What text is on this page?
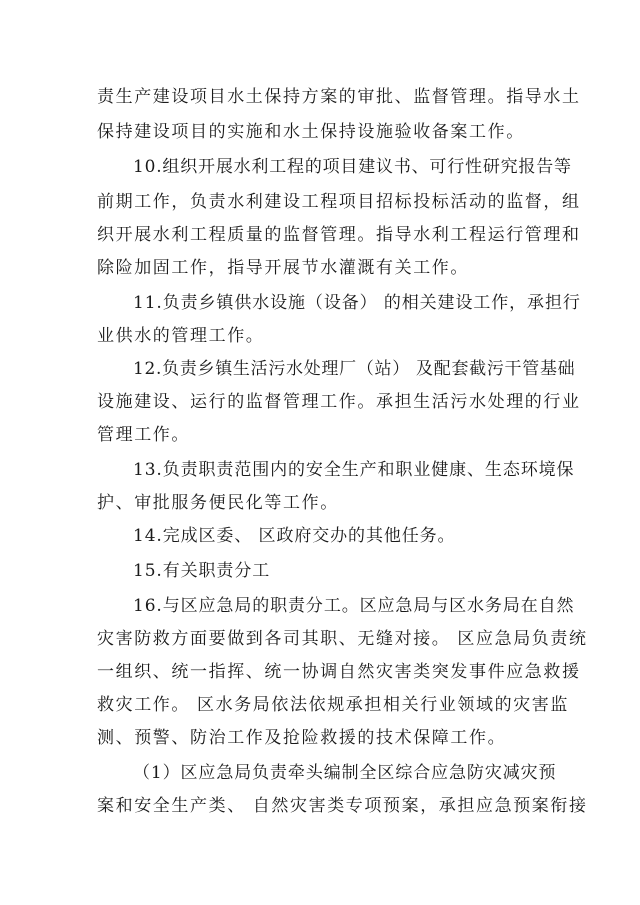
责生产建设项目水土保持方案的审批、监督管理。指导水土
保持建设项目的实施和水土保持设施验收备案工作。
10.组织开展水利工程的项目建议书、可行性研究报告等
前期工作，负责水利建设工程项目招标投标活动的监督，组
织开展水利工程质量的监督管理。指导水利工程运行管理和
除险加固工作，指导开展节水灌溉有关工作。
11.负责乡镇供水设施（设备） 的相关建设工作，承担行
业供水的管理工作。
12.负责乡镇生活污水处理厂（站） 及配套截污干管基础
设施建设、运行的监督管理工作。承担生活污水处理的行业
管理工作。
13.负责职责范围内的安全生产和职业健康、生态环境保
护、审批服务便民化等工作。
14.完成区委、 区政府交办的其他任务。
15.有关职责分工
16.与区应急局的职责分工。区应急局与区水务局在自然
灾害防救方面要做到各司其职、无缝对接。 区应急局负责统
一组织、统一指挥、统一协调自然灾害类突发事件应急救援
救灾工作。 区水务局依法依规承担相关行业领域的灾害监
测、预警、防治工作及抢险救援的技术保障工作。
（1）区应急局负责牵头编制全区综合应急防灾减灾预
案和安全生产类、 自然灾害类专项预案，承担应急预案衔接
